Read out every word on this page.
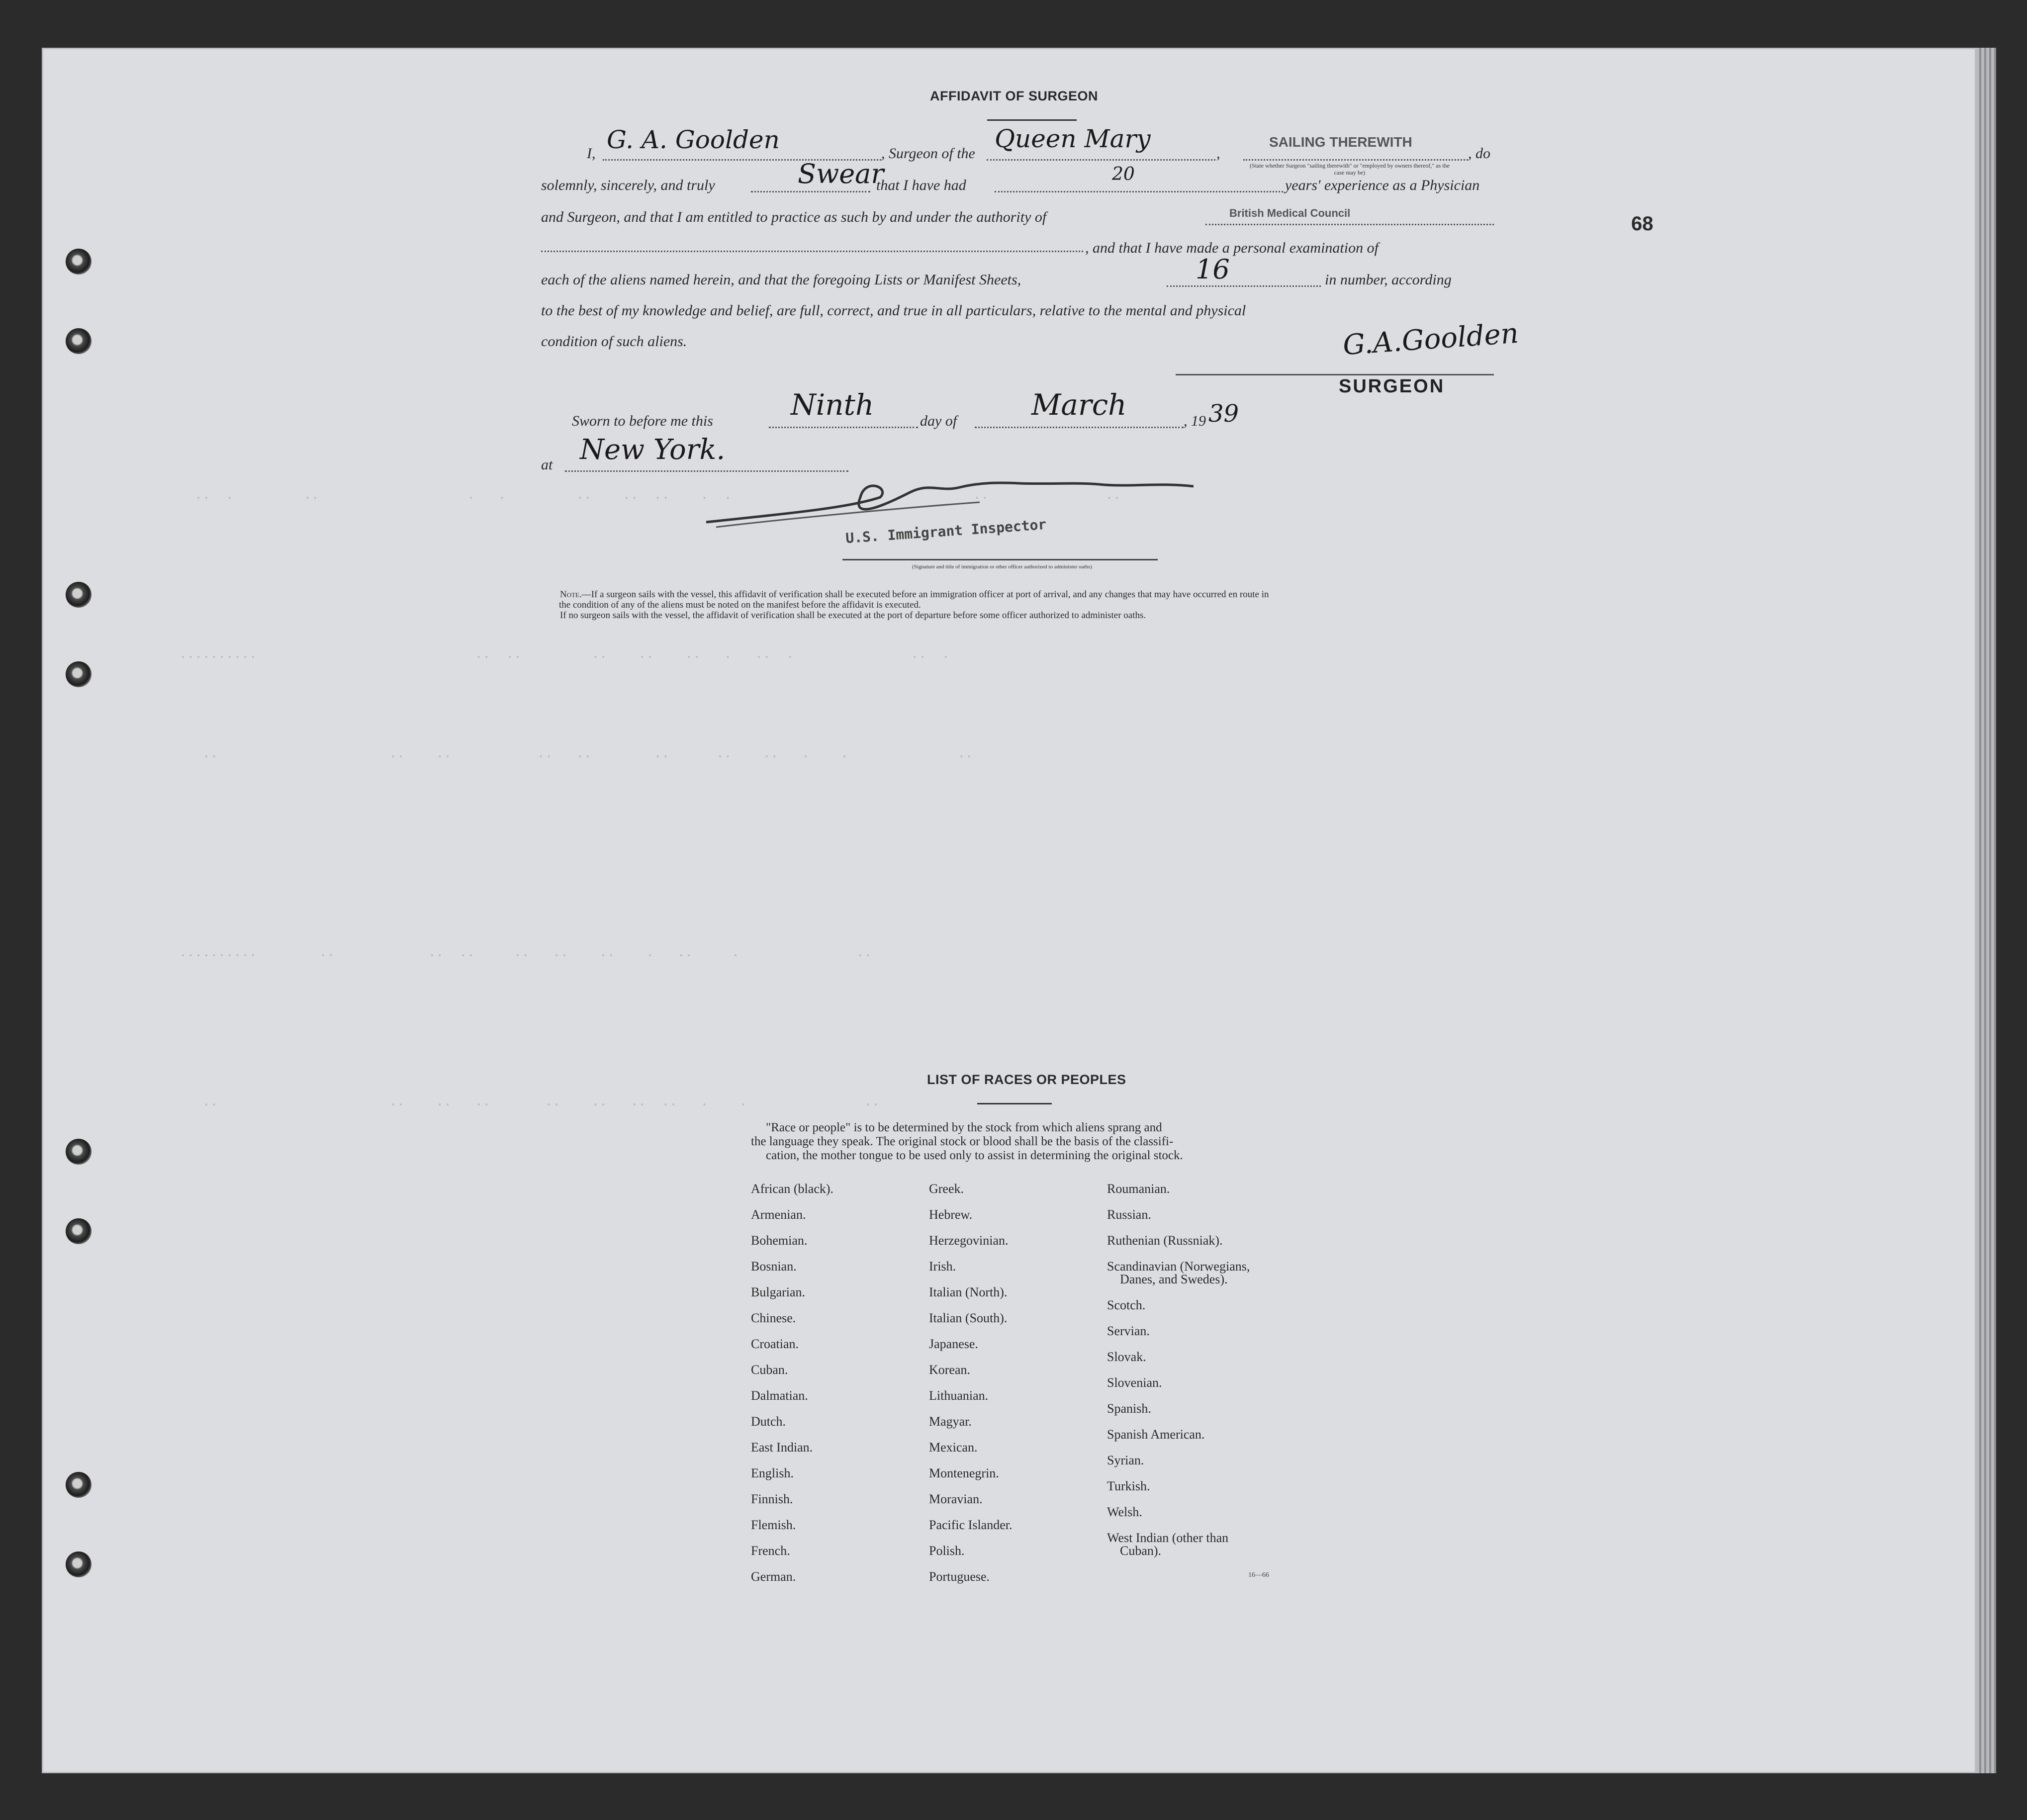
..  .         ..                   .   .         ..    ..  ..    .  .                               ..               ..
..........                            ..  ..         ..    ..    ..   .   ..  .               ..  .
..                      ..    ..           ..   ..        ..      ..    ..   .    .              ..
..........        ..            ..  ..     ..   ..    ..    .   ..     .               ..
..                      ..    ..   ..       ..    ..   ..  ..   .    .               ..
68
AFFIDAVIT OF SURGEON
I, G. A. Goolden	, Surgeon of the
Queen Mary
,
SAILING THEREWITH
, do
(State whether Surgeon "sailing therewith" or "employed by owners thereof," as the case may be)
solemnly, sincerely, and truly	Swear
that I have had
20
years' experience as a Physician
and Surgeon, and that I am entitled to practice as such by and under the authority of	British Medical Council
, and that I have made a personal examination of
each of the aliens named herein, and that the foregoing Lists or Manifest Sheets,	16	in number, according
to the best of my knowledge and belief, are full, correct, and true in all particulars, relative to the mental and physical
condition of such aliens.	G.A.Goolden
SURGEON
Sworn to before me this	Ninth	day of	March	, 19 39
at New York.
U.S. Immigrant Inspector
(Signature and title of immigration or other officer authorized to administer oaths)
Note.—If a surgeon sails with the vessel, this affidavit of verification shall be executed before an immigration officer at port of arrival, and any changes that may have occurred en route in
the condition of any of the aliens must be noted on the manifest before the affidavit is executed.
If no surgeon sails with the vessel, the affidavit of verification shall be executed at the port of departure before some officer authorized to administer oaths.
LIST OF RACES OR PEOPLES
"Race or people" is to be determined by the stock from which aliens sprang and
the language they speak. The original stock or blood shall be the basis of the classifi-
cation, the mother tongue to be used only to assist in determining the original stock.
African (black).
Armenian.
Bohemian.
Bosnian.
Bulgarian.
Chinese.
Croatian.
Cuban.
Dalmatian.
Dutch.
East Indian.
English.
Finnish.
Flemish.
French.
German.
Greek.
Hebrew.
Herzegovinian.
Irish.
Italian (North).
Italian (South).
Japanese.
Korean.
Lithuanian.
Magyar.
Mexican.
Montenegrin.
Moravian.
Pacific Islander.
Polish.
Portuguese.
Roumanian.
Russian.
Ruthenian (Russniak).
Scandinavian (Norwegians,
Danes, and Swedes).
Scotch.
Servian.
Slovak.
Slovenian.
Spanish.
Spanish American.
Syrian.
Turkish.
Welsh.
West Indian (other than
Cuban).
16—66
